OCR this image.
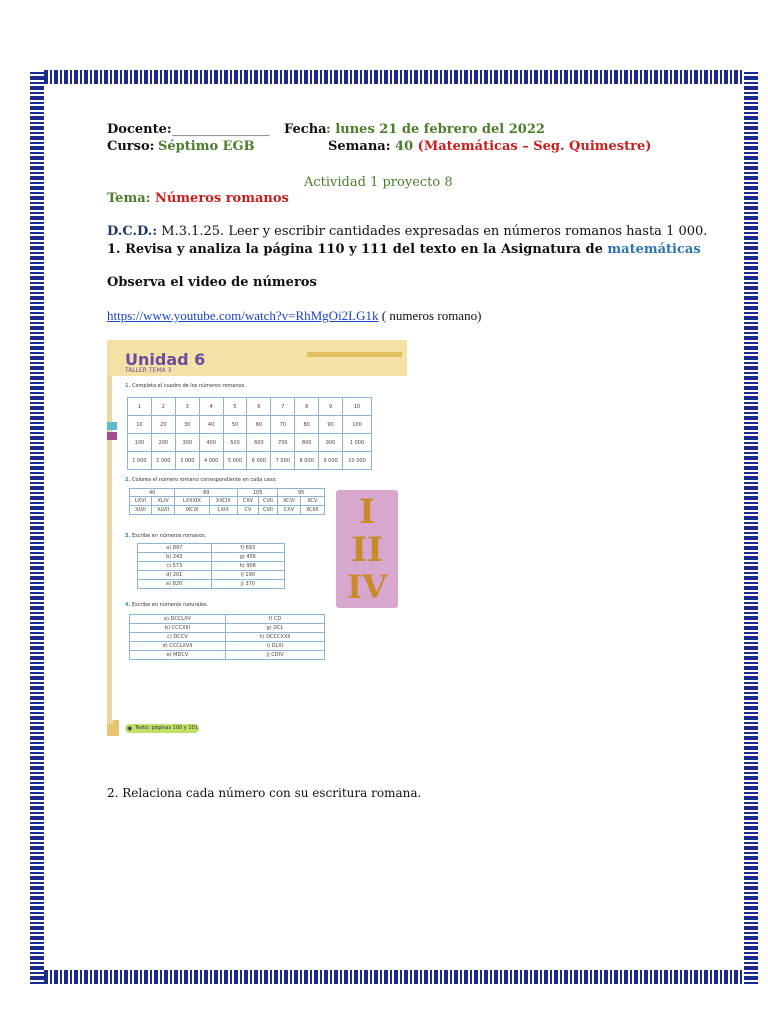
Docente: _______________ Fecha : lunes 21 de febrero del 2022
Curso: Séptimo EGB	Semana: 40 (Matemáticas – Seg. Quimestre)
Actividad 1 proyecto 8
Tema: Números romanos
D.C.D.: M.3.1.25. Leer y escribir cantidades expresadas en números romanos hasta 1 000.
1. Revisa y analiza la página 110 y 111 del texto en la Asignatura de matemáticas
Observa el video de números
https://www.youtube.com/watch?v=RhMgOi2LG1k ( numeros romano)
Unidad 6
TALLER TEMA 3
1. Completa el cuadro de los números romanos.
1	2	3	4	5	6	7	8	9	10
10	20	30	40	50	60	70	80	90	100
100	200	300	400	500	600	700	800	900	1 000
1 000	2 000	3 000	4 000	5 000	6 000	7 000	8 000	9 000	10 000
2. Colorea el número romano correspondiente en cada caso.
40		89		105		95	
LXVI	XLIV	LXXXIX	XXCIX	CXV	CVII	XCVI	XCV
XLVI	XLVII	IXCIX	LXIX	CV	CVII	CXV	XCIIII
3. Escribe en números romanos.
a) 897	f) 693
b) 243	g) 456
c) 573	h) 908
d) 201	i) 190
e) 820	j) 370
4. Escribe en números naturales.
a) DCCLXV	f) CD
b) CCCXIII	g) DCL
c) DCCV	h) DCCCXXII
d) CCCLXVII	i) DLXI
e) MDCV	j) CDIV
I
II
IV
10
Texto: páginas 100 y 101
◉
2. Relaciona cada número con su escritura romana.
